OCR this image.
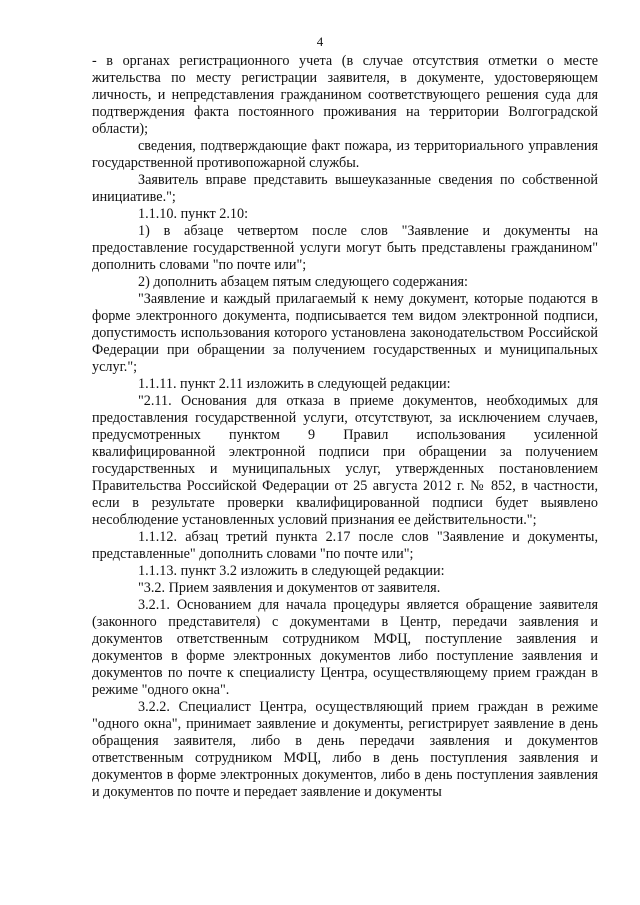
4

- в органах регистрационного учета (в случае отсутствия отметки о месте жительства по месту регистрации заявителя, в документе, удостоверяющем личность, и непредставления гражданином соответствующего решения суда для подтверждения факта постоянного проживания на территории Волгоградской области);

сведения, подтверждающие факт пожара, из территориального управления государственной противопожарной службы.

Заявитель вправе представить вышеуказанные сведения по собственной инициативе.";

1.1.10. пункт 2.10:

1) в абзаце четвертом после слов "Заявление и документы на предоставление государственной услуги могут быть представлены гражданином" дополнить словами "по почте или";

2) дополнить абзацем пятым следующего содержания:

"Заявление и каждый прилагаемый к нему документ, которые подаются в форме электронного документа, подписывается тем видом электронной подписи, допустимость использования которого установлена законодательством Российской Федерации при обращении за получением государственных и муниципальных услуг.";

1.1.11. пункт 2.11 изложить в следующей редакции:

"2.11. Основания для отказа в приеме документов, необходимых для предоставления государственной услуги, отсутствуют, за исключением случаев, предусмотренных пунктом 9 Правил использования усиленной квалифицированной электронной подписи при обращении за получением государственных и муниципальных услуг, утвержденных постановлением Правительства Российской Федерации от 25 августа 2012 г. № 852, в частности, если в результате проверки квалифицированной подписи будет выявлено несоблюдение установленных условий признания ее действительности.";

1.1.12. абзац третий пункта 2.17 после слов "Заявление и документы, представленные" дополнить словами "по почте или";

1.1.13. пункт 3.2 изложить в следующей редакции:

"3.2. Прием заявления и документов от заявителя.

3.2.1. Основанием для начала процедуры является обращение заявителя (законного представителя) с документами в Центр, передачи заявления и документов ответственным сотрудником МФЦ, поступление заявления и документов в форме электронных документов либо поступление заявления и документов по почте к специалисту Центра, осуществляющему прием граждан в режиме "одного окна".

3.2.2. Специалист Центра, осуществляющий прием граждан в режиме "одного окна", принимает заявление и документы, регистрирует заявление в день обращения заявителя, либо в день передачи заявления и документов ответственным сотрудником МФЦ, либо в день поступления заявления и документов в форме электронных документов, либо в день поступления заявления и документов по почте и передает заявление и документы
